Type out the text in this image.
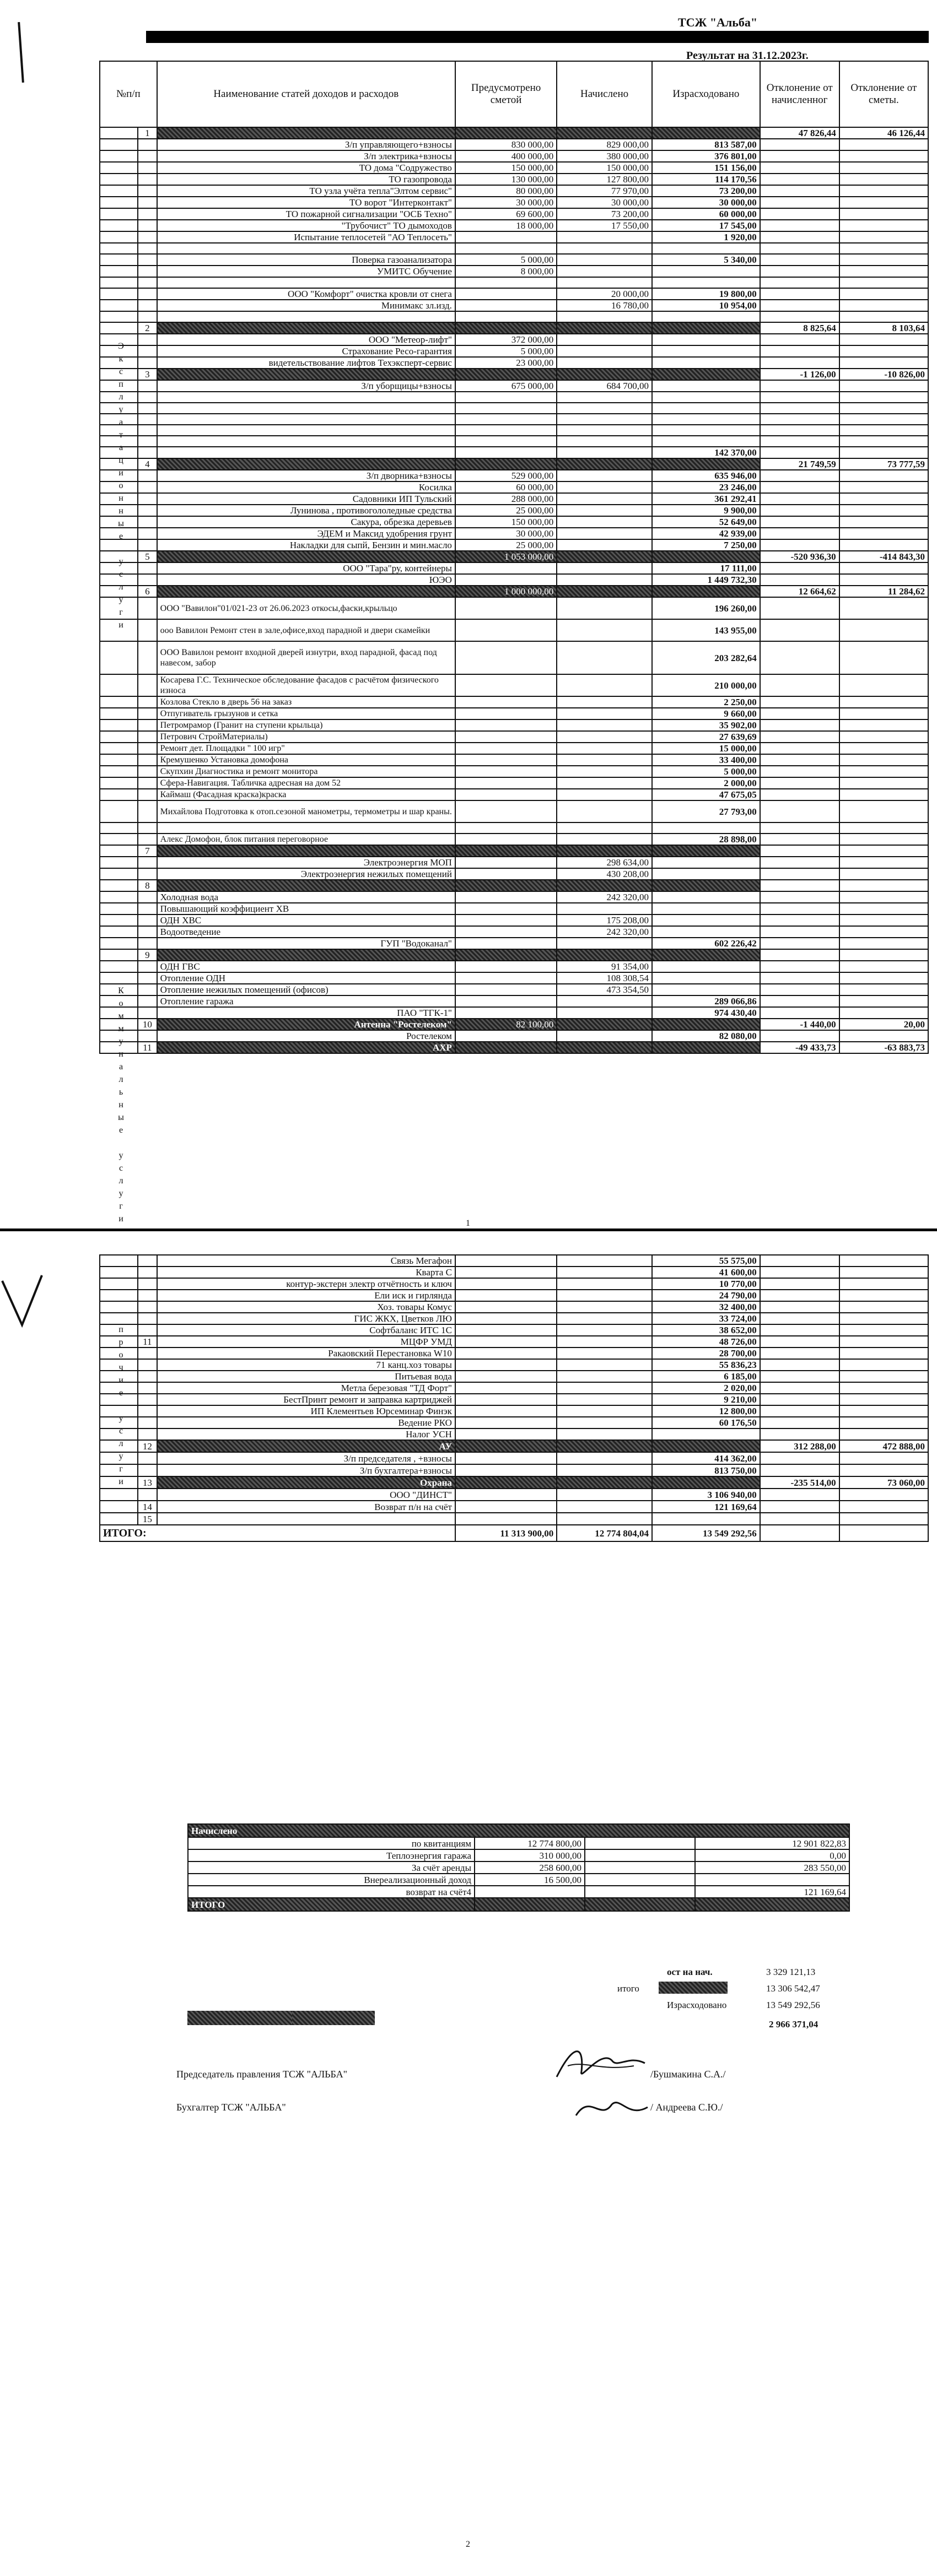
ТСЖ "Альба"
Результат на 31.12.2023г.
№п/п	Наименование статей доходов и расходов	Предусмотрено сметой	Начислено	Израсходовано	Отклонение от начисленног	Отклонение от сметы.
Эксплуатационные услуги
Коммунальные услуги
	1					47 826,44	46 126,44
		З/п управляющего+взносы	830 000,00	829 000,00	813 587,00		
		З/п электрика+взносы	400 000,00	380 000,00	376 801,00		
		ТО дома "Содружество	150 000,00	150 000,00	151 156,00		
		ТО газопровода	130 000,00	127 800,00	114 170,56		
		ТО узла учёта тепла"Элтом сервис"	80 000,00	77 970,00	73 200,00		
		ТО ворот "Интерконтакт"	30 000,00	30 000,00	30 000,00		
		ТО пожарной сигнализации "ОСБ Техно"	69 600,00	73 200,00	60 000,00		
		"Трубочист" ТО дымоходов	18 000,00	17 550,00	17 545,00		
		Испытание теплосетей "АО Теплосеть"			1 920,00		

		Поверка газоанализатора	5 000,00		5 340,00		
		УМИТС Обучение	8 000,00				

		ООО "Комфорт" очистка кровли от снега		20 000,00	19 800,00		
		Минимакс зл.изд.		16 780,00	10 954,00		

	2					8 825,64	8 103,64
		ООО "Метеор-лифт"	372 000,00				
		Страхование Ресо-гарантия	5 000,00				
		видетельствование лифтов Техэксперт-сервис	23 000,00				
	3					-1 126,00	-10 826,00
		З/п уборщицы+взносы	675 000,00	684 700,00			

					142 370,00		
	4					21 749,59	73 777,59
		З/п дворника+взносы	529 000,00		635 946,00		
		Косилка	60 000,00		23 246,00		
		Садовники ИП Тульский	288 000,00		361 292,41		
		Лунинова , противогололедные средства	25 000,00		9 900,00		
		Сакура, обрезка деревьев	150 000,00		52 649,00		
		ЭДЕМ и Максид удобрения грунт	30 000,00		42 939,00		
		Накладки для сыпй, Бензин и мин.масло	25 000,00		7 250,00		
	5		1 053 000,00			-520 936,30	-414 843,30
		ООО "Тара"ру, контейнеры			17 111,00		
		ЮЭО			1 449 732,30		
	6		1 000 000,00			12 664,62	11 284,62
		ООО "Вавилон"01/021-23 от 26.06.2023 откосы,фаски,крыльцо			196 260,00		
		ооо Вавилон Ремонт стен в зале,офисе,вход парадной и двери скамейки			143 955,00		
		ООО Вавилон ремонт входной дверей изнутри, вход парадной, фасад под навесом, забор			203 282,64		
		Косарева Г.С. Техническое обследование фасадов с расчётом физического износа			210 000,00		
		Козлова Стекло в дверь 56 на заказ			2 250,00		
		Отпугиватель грызунов и сетка			9 660,00		
		Петромрамор (Гранит на ступени крыльца)			35 902,00		
		Петрович СтройМатериалы)			27 639,69		
		Ремонт дет. Площадки " 100 игр"			15 000,00		
		Кремушенко Установка домофона			33 400,00		
		Скупхин Диагностика и ремонт монитора			5 000,00		
		Сфера-Навигация. Табличка адресная на дом 52			2 000,00		
		Каймаш (Фасадная краска)краска			47 675,05		
		Михайлова Подготовка к отоп.сезоной манометры, термометры и шар краны.			27 793,00		

		Алекс Домофон, блок питания переговорное			28 898,00		
	7						
		Электроэнергия МОП		298 634,00			
		Электроэнергия нежилых помещений		430 208,00			
	8						
		Холодная вода		242 320,00			
		Повышающий коэффициент ХВ					
		ОДН ХВС		175 208,00			
		Водоотведение		242 320,00			
		ГУП "Водоканал"			602 226,42		
	9						
		ОДН ГВС		91 354,00			
		Отопление ОДН		108 308,54			
		Отопление нежилых помещений (офисов)		473 354,50			
		Отопление гаража			289 066,86		
		ПАО "ТГК-1"			974 430,40		
	10	Антенна "Ростелеком"	82 100,00			-1 440,00	20,00
		Ростелеком			82 080,00		
	11	АХР				-49 433,73	-63 883,73
1
прочие услуги
		Связь Мегафон			55 575,00		
		Кварта С			41 600,00		
		контур-экстерн электр отчётность и ключ			10 770,00		
		Ели иск и гирлянда			24 790,00		
		Хоз. товары Комус			32 400,00		
		ГИС ЖКХ, Цветков ЛЮ			33 724,00		
		Софтбаланс ИТС 1С			38 652,00		
	11	МЦФР УМД			48 726,00		
		Ракаовский Перестановка W10			28 700,00		
		71 канц.хоз товары			55 836,23		
		Питьевая вода			6 185,00		
		Метла березовая "ТД Форт"			2 020,00		
		БестПринт ремонт и заправка картриджей			9 210,00		
		ИП Клементьев Юрсеминар Финэк			12 800,00		
		Ведение РКО			60 176,50		
		Налог УСН					
	12	АУ				312 288,00	472 888,00
		З/п председателя , +взносы			414 362,00		
		З/п бухгалтера+взносы			813 750,00		
	13	Охрана				-235 514,00	73 060,00
		ООО "ДИНСТ"			3 106 940,00		
	14	Возврат п/н на счёт			121 169,64		
	15						
ИТОГО:			11 313 900,00	12 774 804,04	13 549 292,56		
Начислено			
по квитанциям	12 774 800,00		12 901 822,83
Теплоэнергия гаража	310 000,00		0,00
За счёт аренды	258 600,00		283 550,00
Внереализационный доход	16 500,00		
возврат на счёт4			121 169,64
ИТОГО			
ост на нач.	3 329 121,13
итого	13 306 542,47
Израсходовано	13 549 292,56
2 966 371,04
Председатель правления ТСЖ "АЛЬБА"	/Бушмакина С.А./
Бухгалтер ТСЖ "АЛЬБА"	/ Андреева С.Ю./
2
